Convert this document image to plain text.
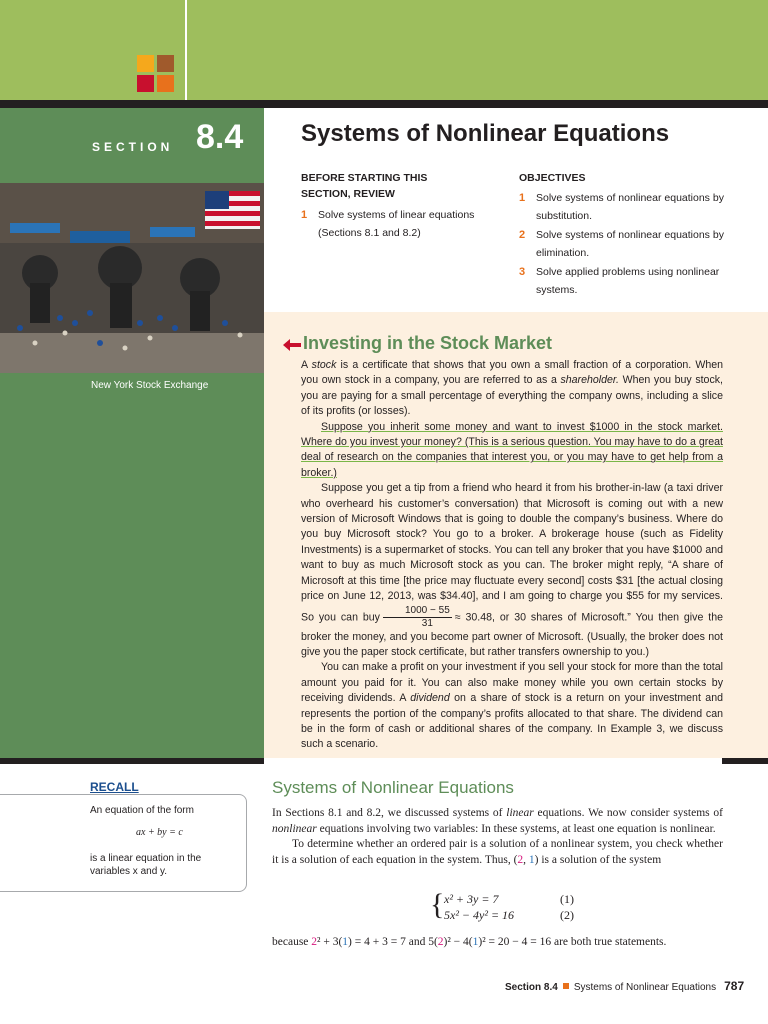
SECTION 8.4
New York Stock Exchange
Systems of Nonlinear Equations
BEFORE STARTING THIS
SECTION, REVIEW
1 Solve systems of linear equations
(Sections 8.1 and 8.2)
OBJECTIVES
1 Solve systems of nonlinear equations by
substitution.
2 Solve systems of nonlinear equations by
elimination.
3 Solve applied problems using nonlinear
systems.
Investing in the Stock Market

A stock is a certificate that shows that you own a small fraction of a corporation. When you own stock in a company, you are referred to as a shareholder. When you buy stock, you are paying for a small percentage of everything the company owns, including a slice of its profits (or losses).

Suppose you inherit some money and want to invest $1000 in the stock market. Where do you invest your money? (This is a serious question. You may have to do a great deal of research on the companies that interest you, or you may have to get help from a broker.)

Suppose you get a tip from a friend who heard it from his brother-in-law (a taxi driver who overheard his customer’s conversation) that Microsoft is coming out with a new version of Microsoft Windows that is going to double the company’s business. Where do you buy Microsoft stock? You go to a broker. A brokerage house (such as Fidelity Investments) is a supermarket of stocks. You can tell any broker that you have $1000 and want to buy as much Microsoft stock as you can. The broker might reply, “A share of Microsoft at this time [the price may fluctuate every second] costs $31 [the actual closing price on June 12, 2013, was $34.40], and I am going to charge you $55 for my services. So you can buy $\frac{1000 - 55}{31} \approx 30.48$, or 30 shares of Microsoft.” You then give the broker the money, and you become part owner of Microsoft. (Usually, the broker does not give you the paper stock certificate, but rather transfers ownership to you.)

You can make a profit on your investment if you sell your stock for more than the total amount you paid for it. You can also make money while you own certain stocks by receiving dividends. A dividend on a share of stock is a return on your investment and represents the portion of the company’s profits allocated to that share. The dividend can be in the form of cash or additional shares of the company. In Example 3, we discuss such a scenario.

RECALL
An equation of the form
ax + by = c
is a linear equation in the variables x and y.
Systems of Nonlinear Equations

In Sections 8.1 and 8.2, we discussed systems of linear equations. We now consider systems of nonlinear equations involving two variables: In these systems, at least one equation is nonlinear.

To determine whether an ordered pair is a solution of a nonlinear system, you check whether it is a solution of each equation in the system. Thus, (2, 1) is a solution of the system

{ x² + 3y = 7	(1)
5x² − 4y² = 16	(2)
because 2² + 3(1) = 4 + 3 = 7 and 5(2)² − 4(1)² = 20 − 4 = 16 are both true statements.
Section 8.4 Systems of Nonlinear Equations 787
